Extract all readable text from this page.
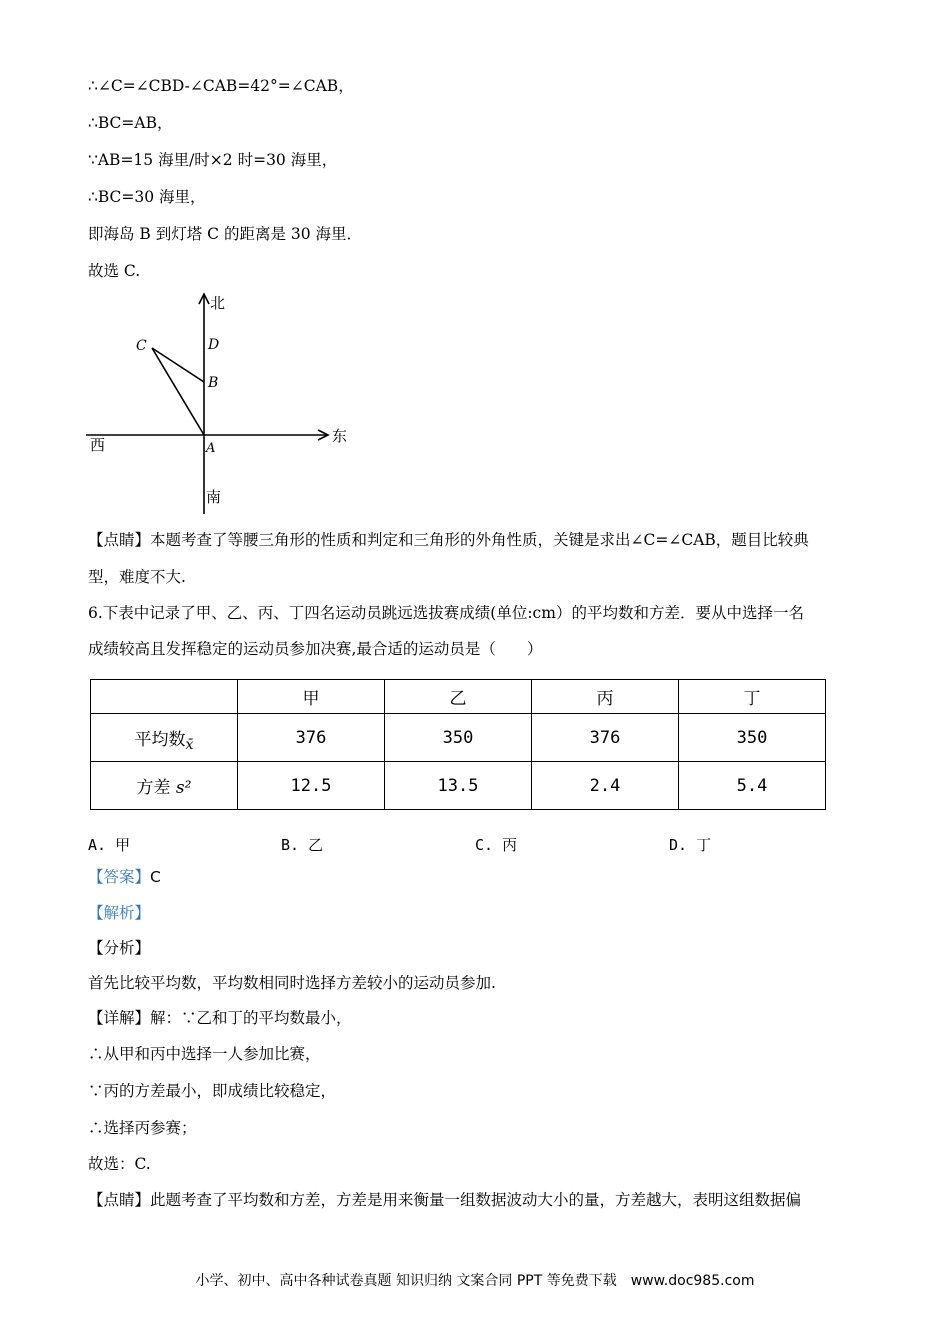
∴∠C=∠CBD-∠CAB=42°=∠CAB，
∴BC=AB，
∵AB=15 海里/时×2 时=30 海里，
∴BC=30 海里，
即海岛 B 到灯塔 C 的距离是 30 海里．
故选 C.
北
东
西
南
C	D
B
A
【点睛】本题考查了等腰三角形的性质和判定和三角形的外角性质，关键是求出∠C=∠CAB，题目比较典
型，难度不大.
6.下表中记录了甲、乙、丙、丁四名运动员跳远选拔赛成绩(单位:cm）的平均数和方差．要从中选择一名
成绩较高且发挥稳定的运动员参加决赛,最合适的运动员是（　　）
	甲	乙	丙	丁
平均数$_{x̄}$	376	350	376	350
方差 s²	12.5	13.5	2.4	5.4
A. 甲	B. 乙	C. 丙	D. 丁
【答案】C
【解析】
【分析】
首先比较平均数，平均数相同时选择方差较小的运动员参加.
【详解】解：∵乙和丁的平均数最小，
∴从甲和丙中选择一人参加比赛，
∵丙的方差最小，即成绩比较稳定，
∴选择丙参赛；
故选：C.
【点睛】此题考查了平均数和方差，方差是用来衡量一组数据波动大小的量，方差越大，表明这组数据偏
小学、初中、高中各种试卷真题 知识归纳 文案合同 PPT 等免费下载　www.doc985.com
